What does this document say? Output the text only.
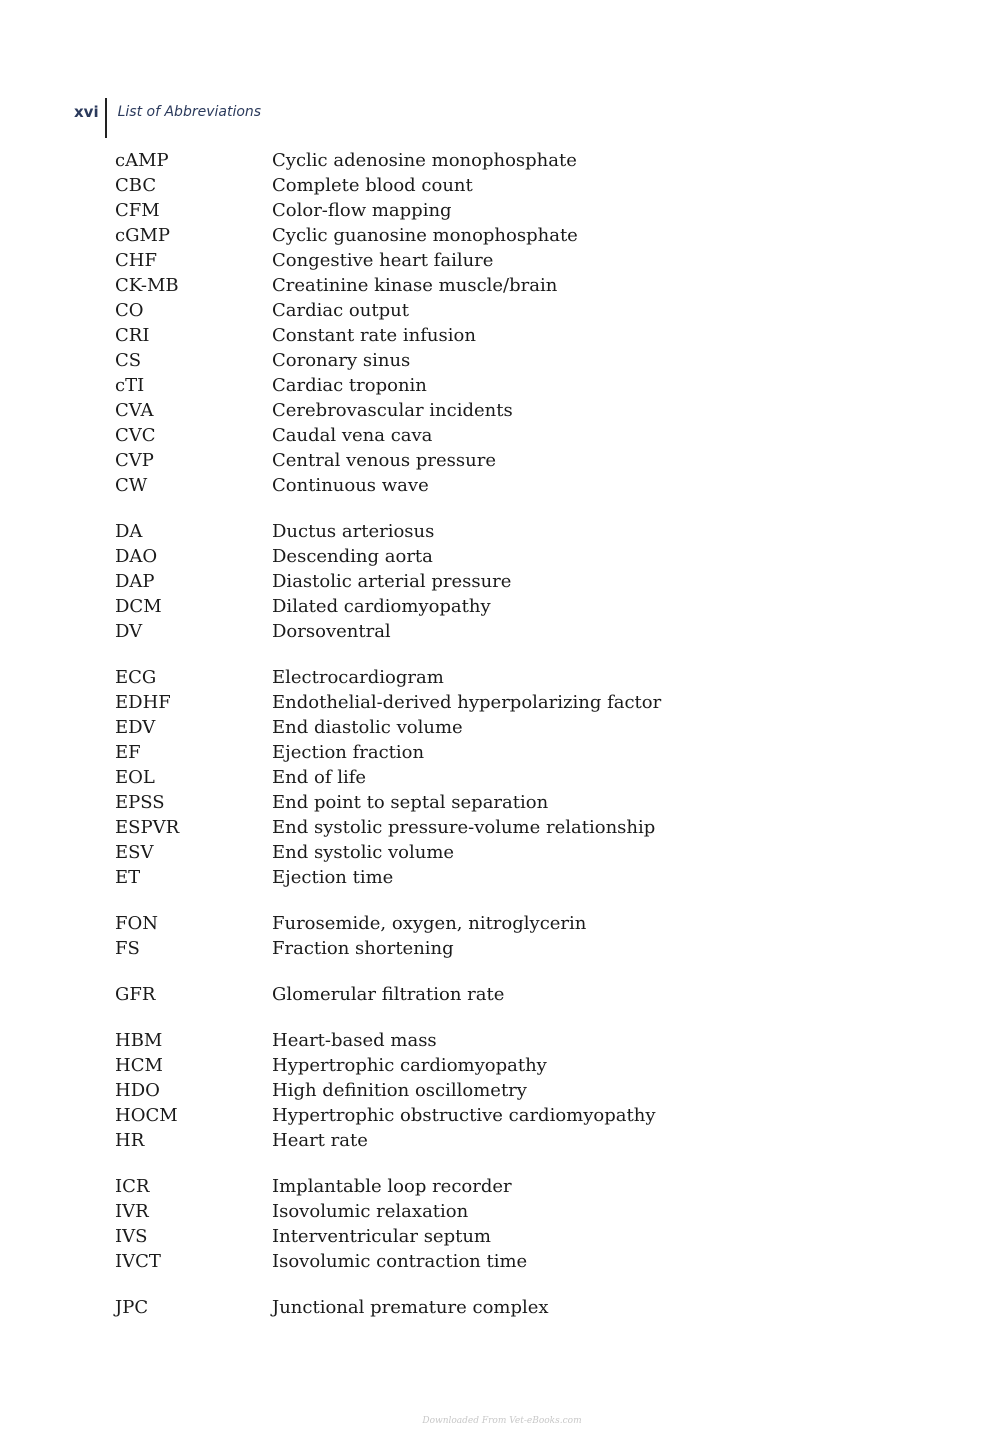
xvi	List of Abbreviations
cAMP	Cyclic adenosine monophosphate
CBC	Complete blood count
CFM	Color-flow mapping
cGMP	Cyclic guanosine monophosphate
CHF	Congestive heart failure
CK-MB	Creatinine kinase muscle/brain
CO	Cardiac output
CRI	Constant rate infusion
CS	Coronary sinus
cTI	Cardiac troponin
CVA	Cerebrovascular incidents
CVC	Caudal vena cava
CVP	Central venous pressure
CW	Continuous wave
DA	Ductus arteriosus
DAO	Descending aorta
DAP	Diastolic arterial pressure
DCM	Dilated cardiomyopathy
DV	Dorsoventral
ECG	Electrocardiogram
EDHF	Endothelial-derived hyperpolarizing factor
EDV	End diastolic volume
EF	Ejection fraction
EOL	End of life
EPSS	End point to septal separation
ESPVR	End systolic pressure-volume relationship
ESV	End systolic volume
ET	Ejection time
FON	Furosemide, oxygen, nitroglycerin
FS	Fraction shortening
GFR	Glomerular filtration rate
HBM	Heart-based mass
HCM	Hypertrophic cardiomyopathy
HDO	High definition oscillometry
HOCM	Hypertrophic obstructive cardiomyopathy
HR	Heart rate
ICR	Implantable loop recorder
IVR	Isovolumic relaxation
IVS	Interventricular septum
IVCT	Isovolumic contraction time
JPC	Junctional premature complex
Downloaded From Vet-eBooks.com
